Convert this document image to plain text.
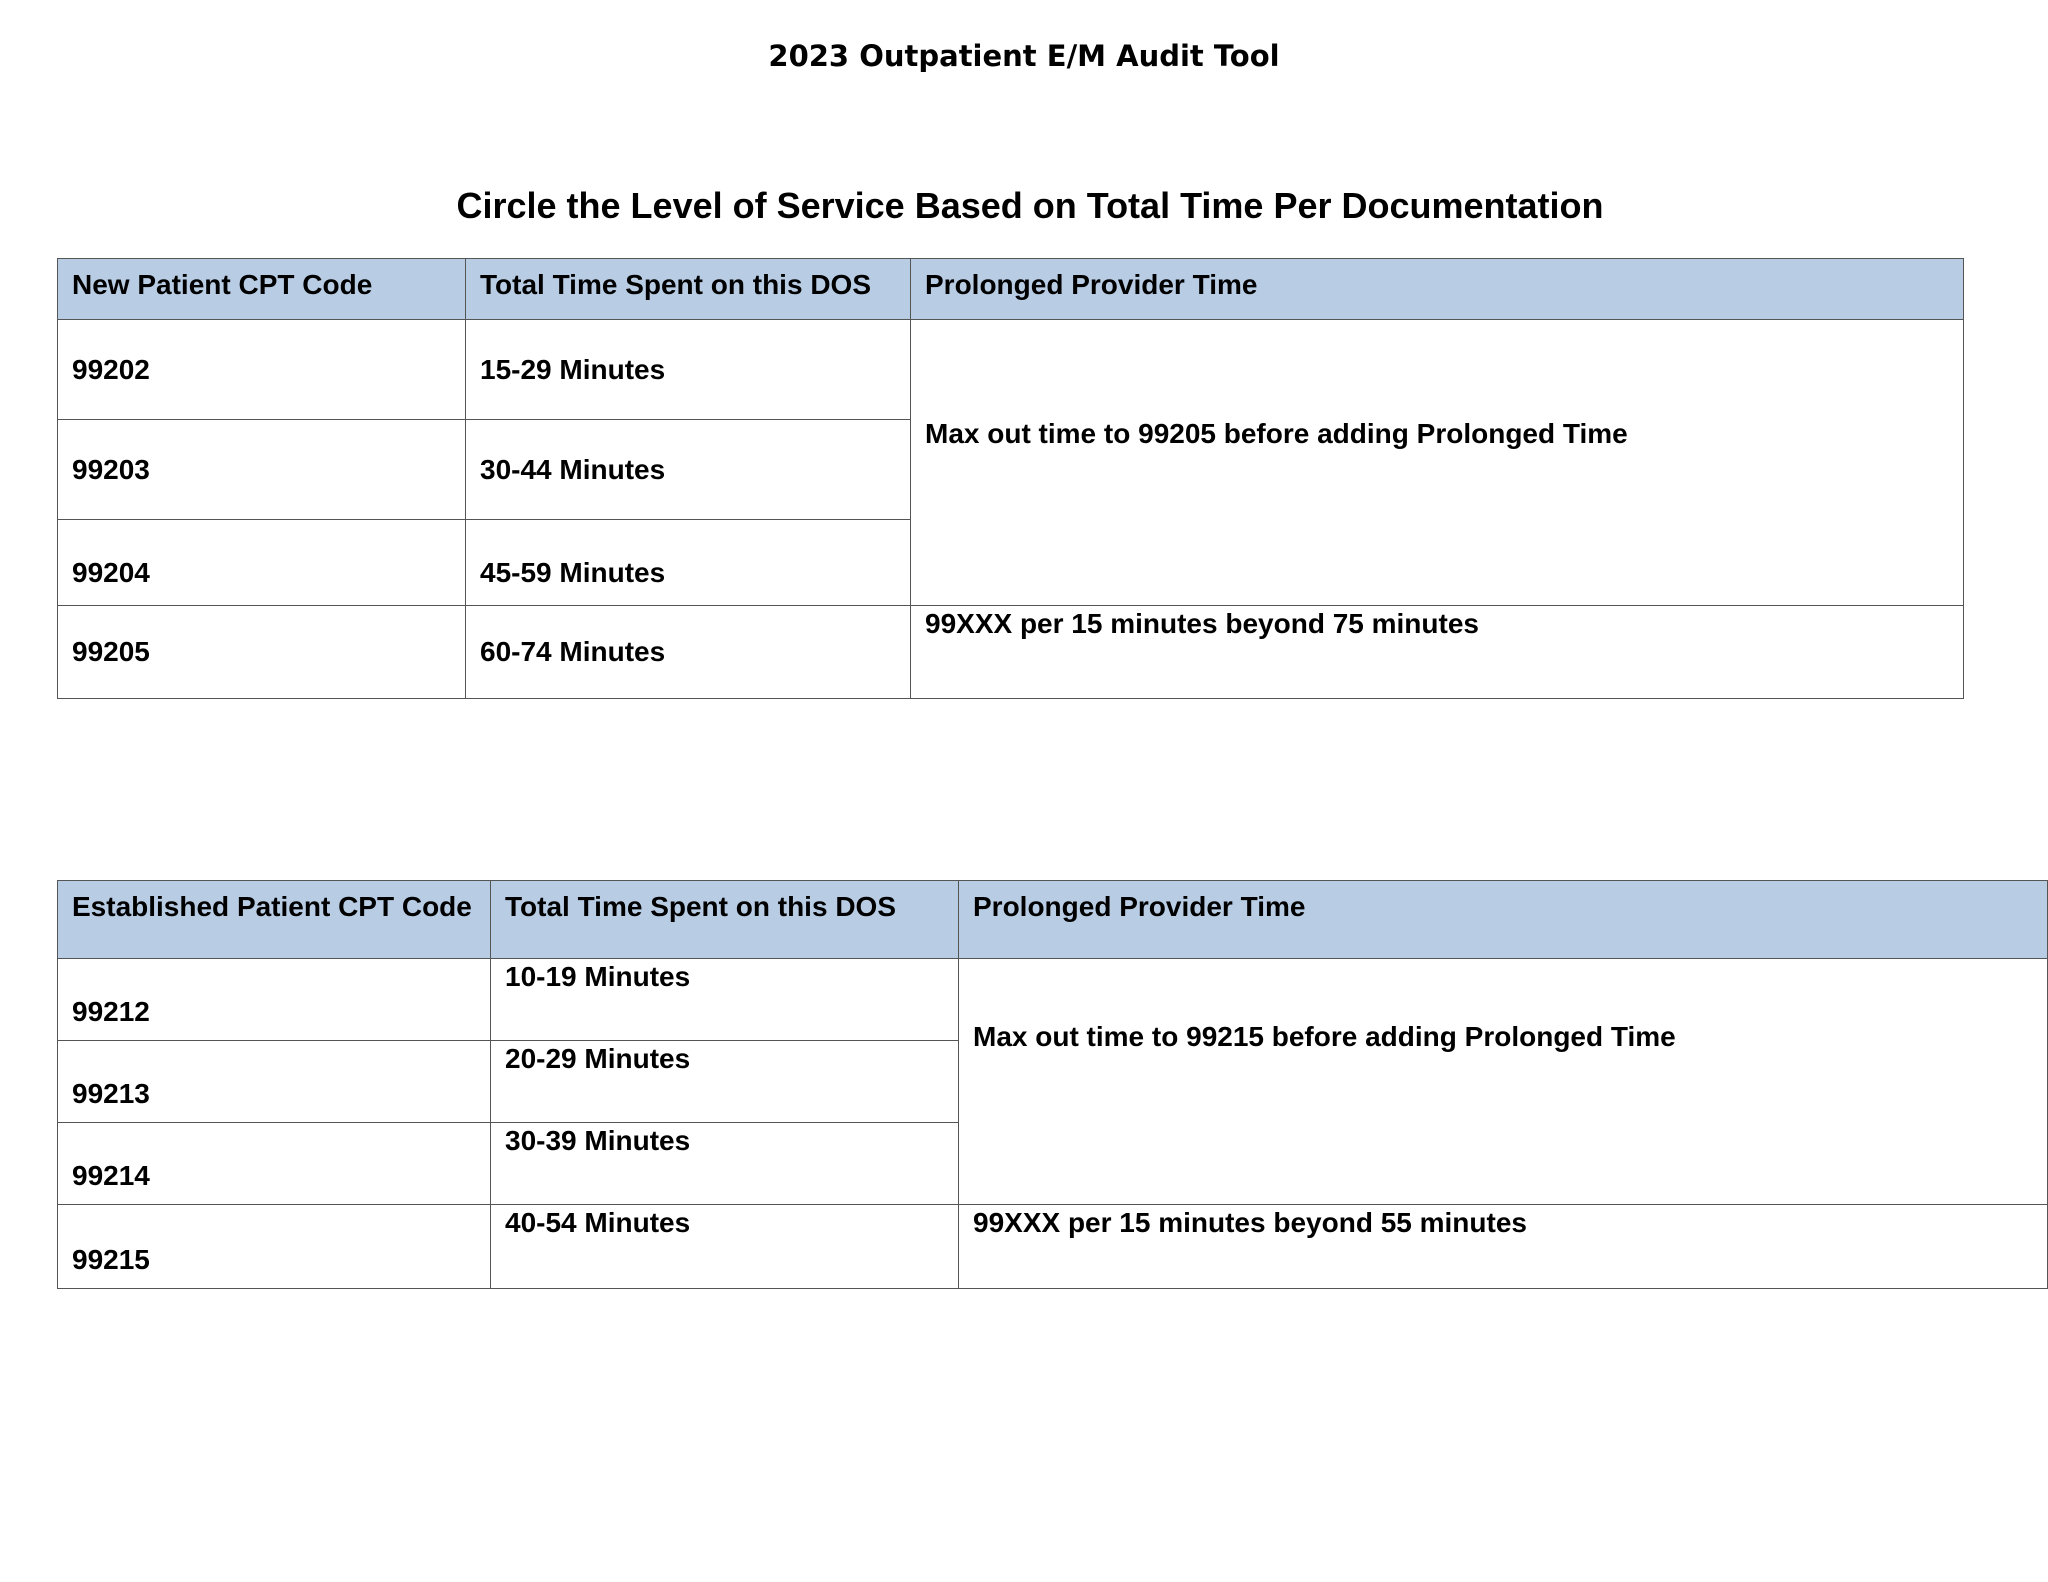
2023 Outpatient E/M Audit Tool
Circle the Level of Service Based on Total Time Per Documentation
New Patient CPT Code	Total Time Spent on this DOS	Prolonged Provider Time
99202	15-29 Minutes	Max out time to 99205 before adding Prolonged Time
99203	30-44 Minutes	
99204	45-59 Minutes	
99205	60-74 Minutes	99XXX per 15 minutes beyond 75 minutes
Established Patient CPT Code	Total Time Spent on this DOS	Prolonged Provider Time
99212	10-19 Minutes	Max out time to 99215 before adding Prolonged Time
99213	20-29 Minutes	
99214	30-39 Minutes	
99215	40-54 Minutes	99XXX per 15 minutes beyond 55 minutes
